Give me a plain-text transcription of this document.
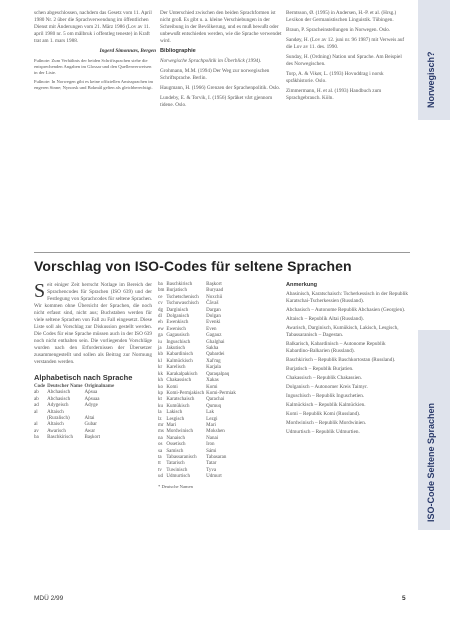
schen abgeschlossen, nachdem das Gesetz vom 11. April 1980 Nr. 2 über die Sprachverwendung im öffentlichen Dienst mit Änderungen vom 21. März 1986 (Lov av 11. april 1980 nr. 5 om målbruk i offentleg teneste) in Kraft trat am 1. mars 1988.

Ingerd Simonnæs, Bergen

Fußnote: Zum Verhältnis der beiden Schriftsprachen siehe die entsprechenden Angaben im Glossar und den Quellenverweisen in der Liste.

Fußnote: In Norwegen gibt es keine offiziellen Amtssprachen im engeren Sinne; Nynorsk und Bokmål gelten als gleichberechtigt.

Der Unterschied zwischen den beiden Sprachformen ist nicht groß. Es gibt u. a. kleine Verschiebungen in der Schreibung in der Bevölkerung, und es muß bewußt oder unbewußt entschieden werden, wie die Sprache verwendet wird.

Bibliographie

Norwegische Sprachpolitik im Überblick (1994).

Grohmann, M.M. (1994) Der Weg zur norwegischen Schriftsprache. Berlin.

Haugmann, H. (1966) Grenzen der Sprachenpolitik. Oslo.

Lundeby, E. & Torvik, I. (1956) Språket vårt gjennom tidene. Oslo.

Berntsson, Ø. (1995) in Andersen, H.-P. et al. (Hrsg.) Lexikon der Germanistischen Linguistik. Tübingen.

Braun, P. Spracheinstellungen in Norwegen. Oslo.

Sandøy, H. (Lov av 12. juni nr. 96 1987) mit Verweis auf die Lov av 11. des. 1990.

Sunday, H. (Ordning) Nation und Sprache. Am Beispiel des Norwegischen.

Torp, A. & Vikør, L. (1993) Hovuddrag i norsk språkhistorie. Oslo.

Zimmermann, H. et al. (1993) Handbuch zum Sprachgebrauch. Köln.

Vorschlag von ISO-Codes für seltene Sprachen

Seit einiger Zeit herrscht Notlage im Bereich der Sprachencodes für Sprachen (ISO 639) und der Festlegung von Sprachcodes für seltene Sprachen. Wir kommen ohne Übersicht der Sprachen, die noch nicht erfasst sind, nicht aus; Buchstaben werden für viele seltene Sprachen von Fall zu Fall eingesetzt. Diese Liste soll als Vorschlag zur Diskussion gestellt werden. Die Codes für eine Sprache müssen auch in der ISO 639 noch nicht enthalten sein. Die vorliegenden Vorschläge wurden nach den Erfordernissen der Übersetzer zusammengestellt und sollen als Beitrag zur Normung verstanden werden.

Alphabetisch nach Sprache
Code	Deutscher Name	Originalname
ab	Abchasisch	Aṗsua
ab	Abchasisch	Aṗsuaa
ad	Adygeisch	Adyge
al	Altaisch	
	(Ruralisch)	Altai
al	Altaisch	Gubar
av	Awarisch	Awar
ba	Baschkirisch	Başkort
ba	Baschkirisch	Başkort
bm	Burjatisch	Buryaad
ce	Tschetschenisch	Noxchii
cv	Tschuwaschisch	Čăvaš
dg	Darginisch	Dargan
dl	Dolganisch	Dolgan
eh	Ewenkisch	Evenki
ew	Ewenisch	Even
ga	Gagausisch	Gagauz
iu	Inguschisch	Ghalghai
ja	Jakutisch	Sakha
kb	Kabardinisch	Qabardei
kl	Kalmückisch	Xal'mg
kr	Karelisch	Karjala
kk	Karakalpakisch	Qaraqalpaq
kh	Chakassisch	Xakas
ko	Komi	Komi
kp	Komi-Permjakisch	Komi-Permiak
kt	Karatschaisch	Qarachai
ku	Kumükisch	Qumuq
la	Lakisch	Lak
lz	Lesgisch	Lezgi
mr	Mari	Mari
ms	Mordwinisch	Mokshen
na	Nanaisch	Nanai
os	Ossetisch	Iron
sa	Samisch	Sámi
ta	Tabassaranisch	Tabasaran
tt	Tatarisch	Tatar
tv	Tuwinisch	Tyva
ud	Udmurtisch	Udmurt
* Deutsche Namen
Anmerkung

Abasinisch, Karatschaisch: Tscherkessisch in der Republik Karatschai-Tscherkessien (Russland).

Abchasisch – Autonome Republik Abchasien (Georgien).

Altaisch – Republik Altai (Russland).

Awarisch, Darginisch, Kumükisch, Lakisch, Lesgisch, Tabassaranisch – Dagestan.

Balkarisch, Kabardinisch – Autonome Republik Kabardino-Balkarien (Russland).

Baschkirisch – Republik Baschkortostan (Russland).

Burjatisch – Republik Burjatien.

Chakassisch – Republik Chakassien.

Dolganisch – Autonomer Kreis Taimyr.

Inguschisch – Republik Inguschetien.

Kalmückisch – Republik Kalmückien.

Komi – Republik Komi (Russland).

Mordwinisch – Republik Mordwinien.

Udmurtisch – Republik Udmurtien.

MDÜ 2/99	5
Norwegisch?
ISO-Code Seltene Sprachen
